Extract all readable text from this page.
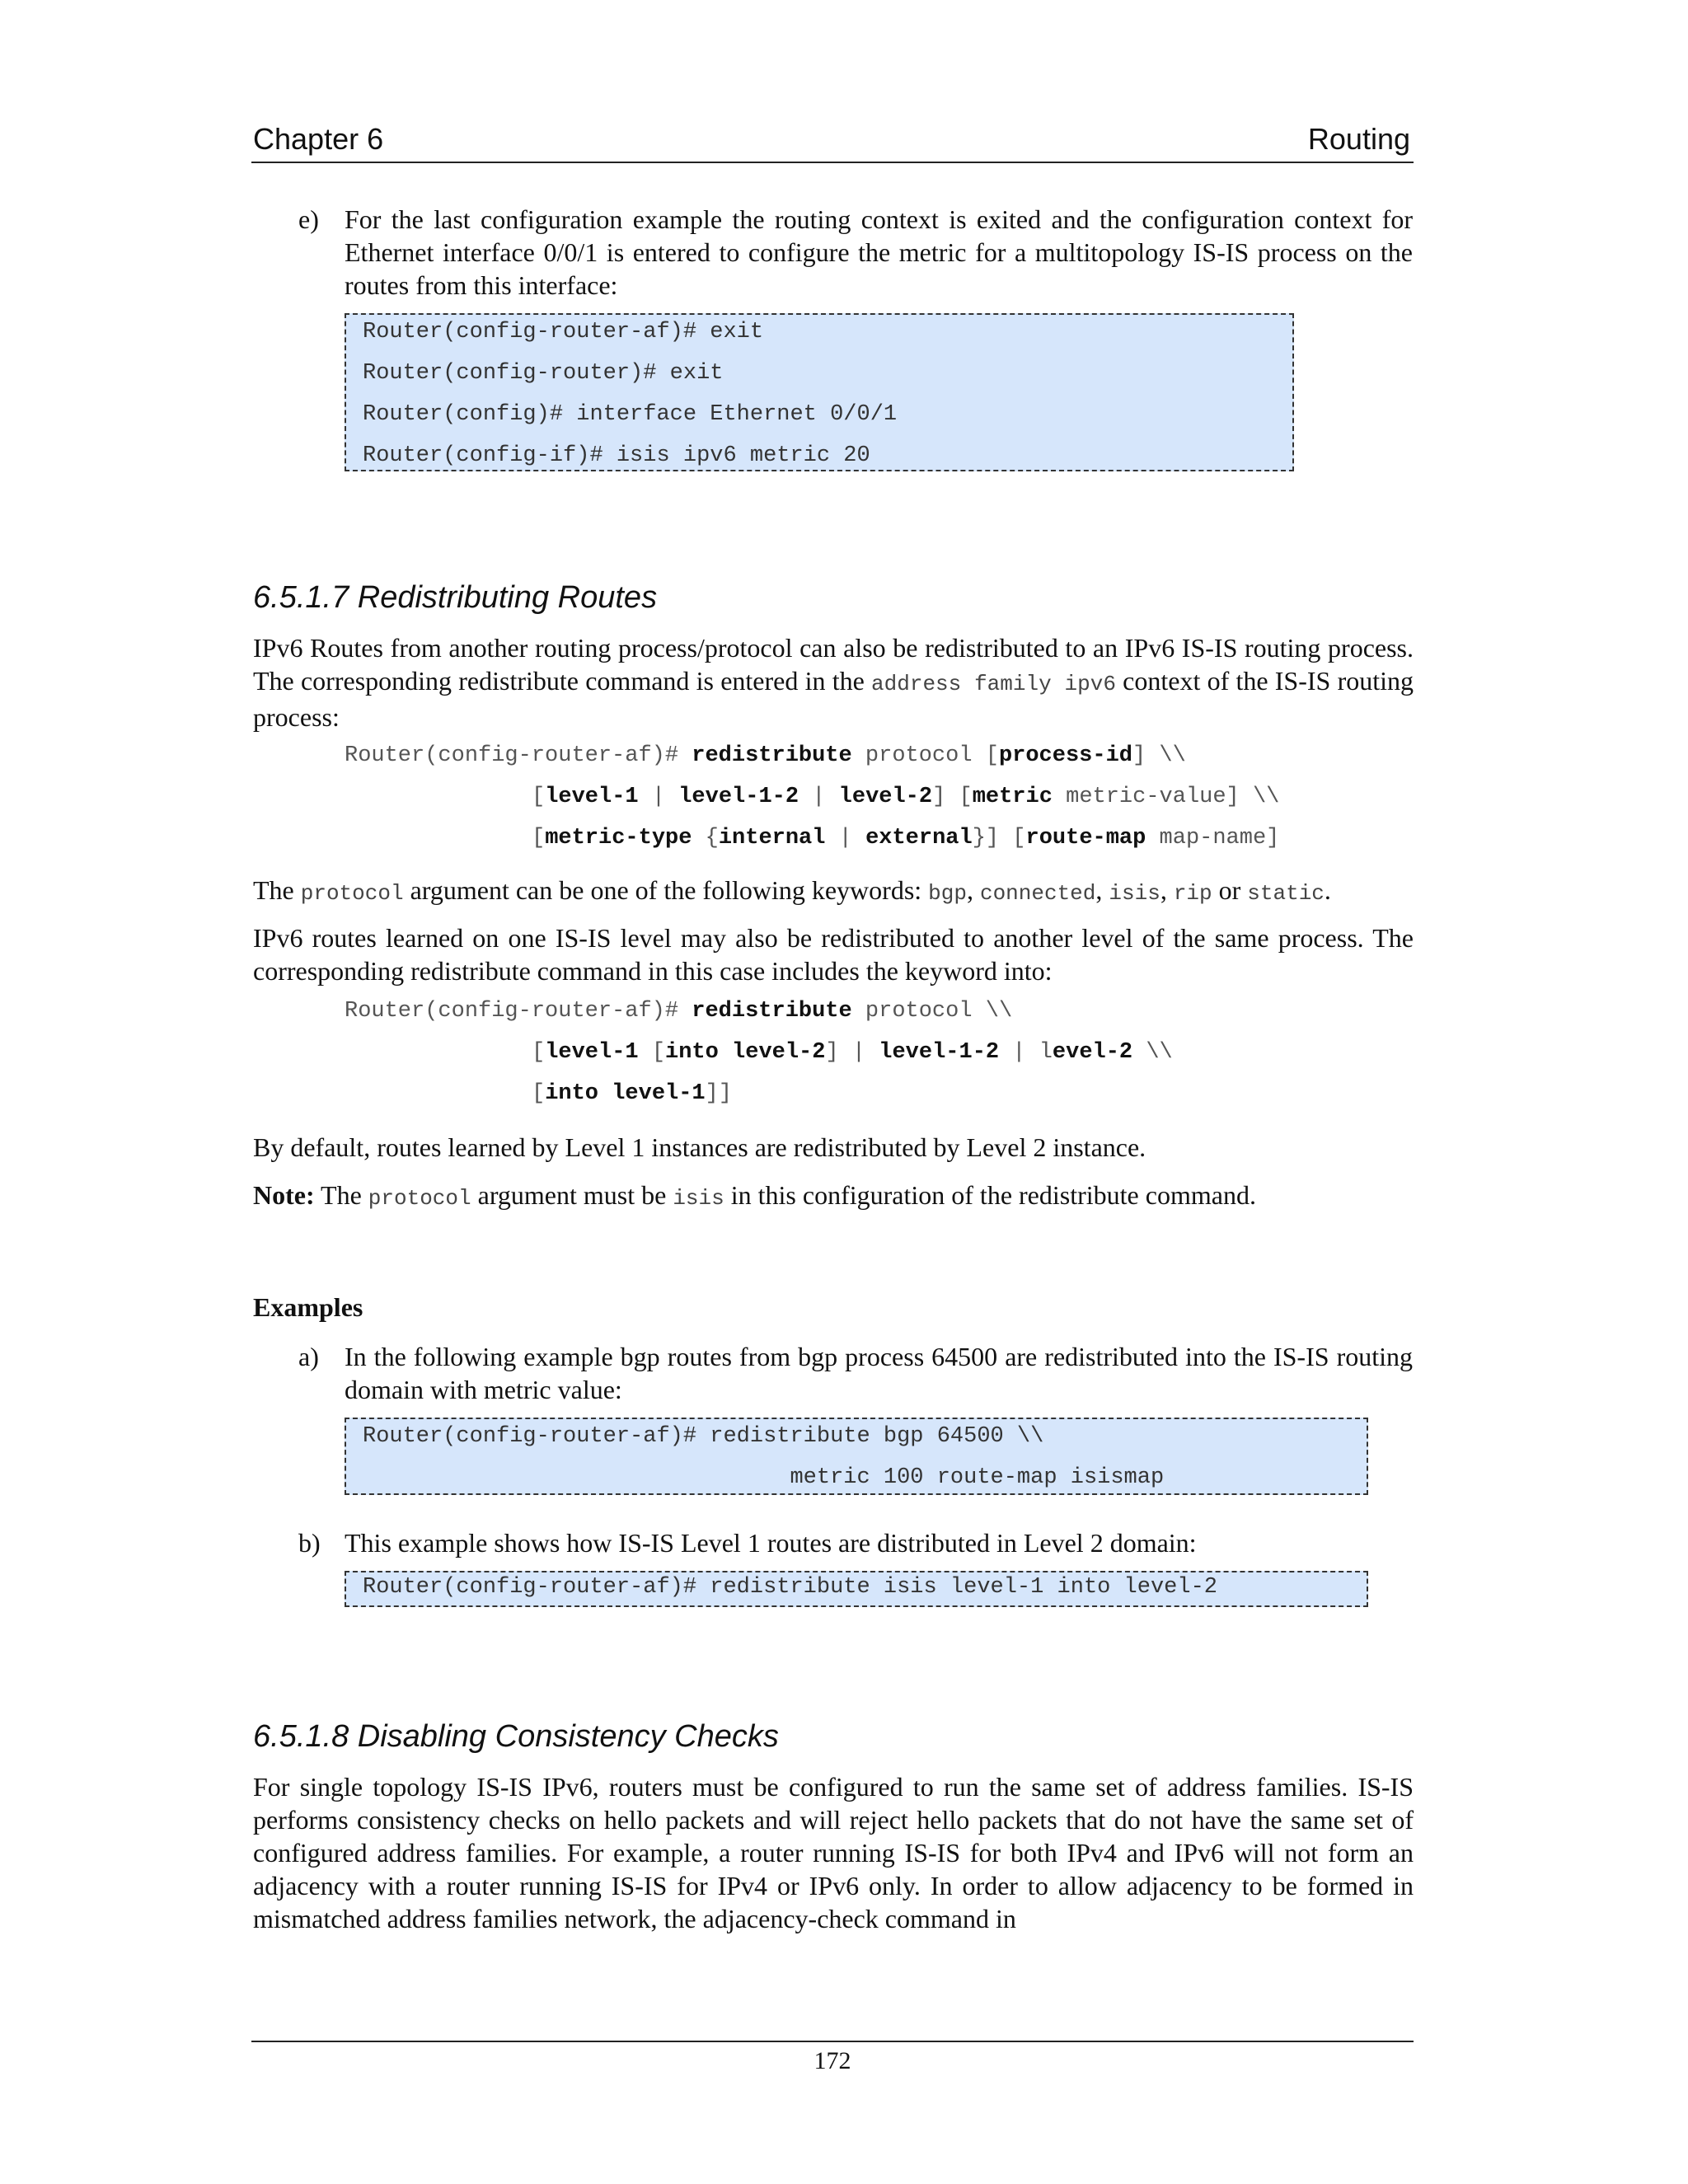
Chapter 6	Routing
e) For the last configuration example the routing context is exited and the configuration context for Ethernet interface 0/0/1 is entered to configure the metric for a multitopology IS-IS process on the routes from this interface:

Router(config-router-af)# exit
Router(config-router)# exit
Router(config)# interface Ethernet 0/0/1
Router(config-if)# isis ipv6 metric 20
6.5.1.7 Redistributing Routes

IPv6 Routes from another routing process/protocol can also be redistributed to an IPv6 IS-IS routing process. The corresponding redistribute command is entered in the address family ipv6 context of the IS-IS routing process:

Router(config-router-af)# redistribute protocol [process-id] \\
[level-1 | level-1-2 | level-2] [metric metric-value] \\
[metric-type {internal | external}] [route-map map-name]

The protocol argument can be one of the following keywords: bgp, connected, isis, rip or static.

IPv6 routes learned on one IS-IS level may also be redistributed to another level of the same process. The corresponding redistribute command in this case includes the keyword into:

Router(config-router-af)# redistribute protocol \\
[level-1 [into level-2] | level-1-2 | level-2 \\
[into level-1]]

By default, routes learned by Level 1 instances are redistributed by Level 2 instance.

Note: The protocol argument must be isis in this configuration of the redistribute command.

Examples

a) In the following example bgp routes from bgp process 64500 are redistributed into the IS-IS routing domain with metric value:

Router(config-router-af)# redistribute bgp 64500 \\
metric 100 route-map isismap
b) This example shows how IS-IS Level 1 routes are distributed in Level 2 domain:

Router(config-router-af)# redistribute isis level-1 into level-2
6.5.1.8 Disabling Consistency Checks

For single topology IS-IS IPv6, routers must be configured to run the same set of address families. IS-IS performs consistency checks on hello packets and will reject hello packets that do not have the same set of configured address families. For example, a router running IS-IS for both IPv4 and IPv6 will not form an adjacency with a router running IS-IS for IPv4 or IPv6 only. In order to allow adjacency to be formed in mismatched address families network, the adjacency-check command in

172
